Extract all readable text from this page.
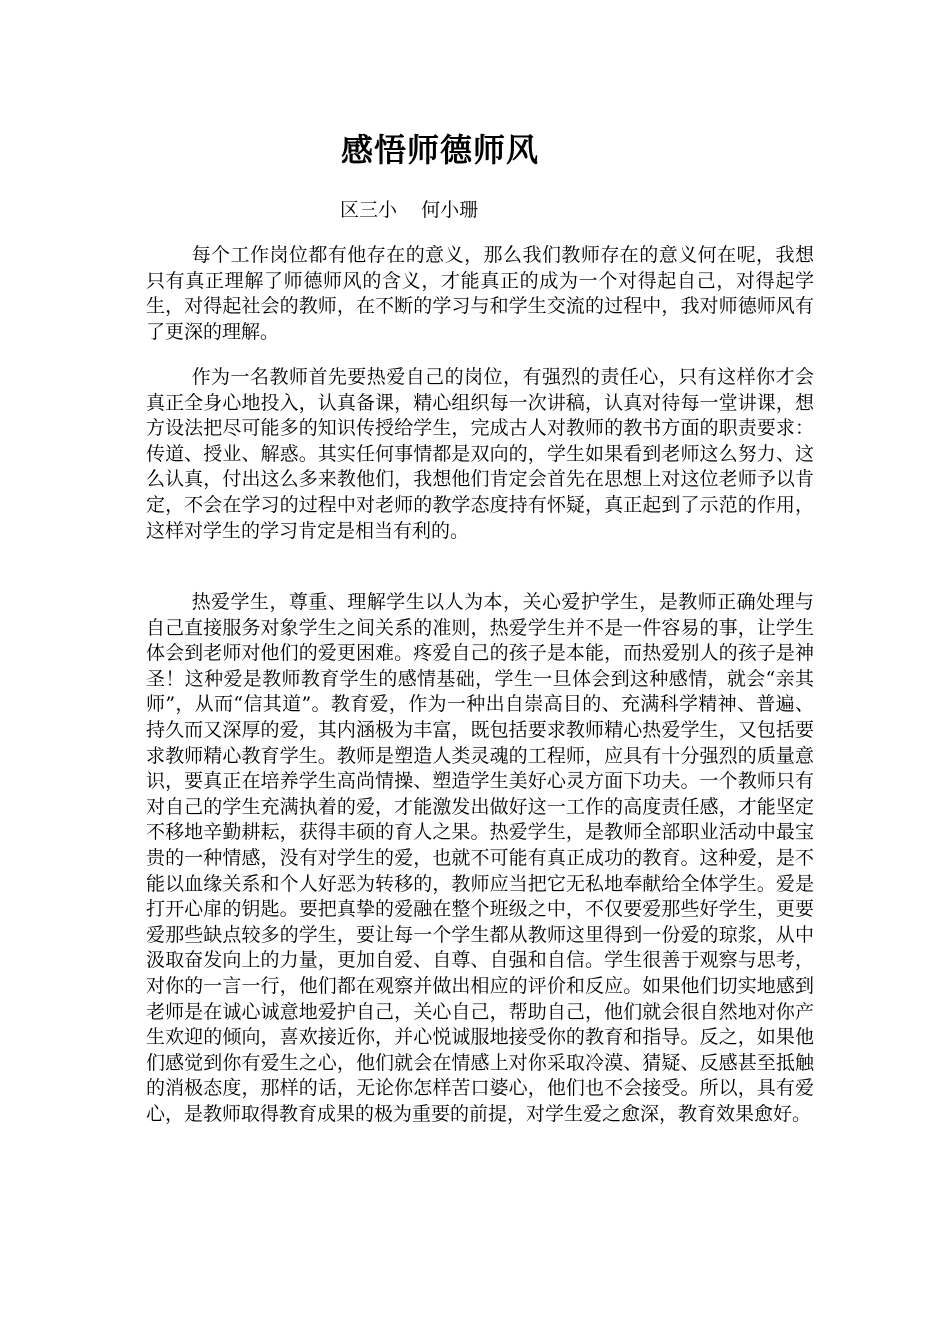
感悟师德师风
区三小    何小珊

每个工作岗位都有他存在的意义，那么我们教师存在的意义何在呢，我想只有真正理解了师德师风的含义，才能真正的成为一个对得起自己，对得起学生，对得起社会的教师，在不断的学习与和学生交流的过程中，我对师德师风有了更深的理解。

作为一名教师首先要热爱自己的岗位，有强烈的责任心，只有这样你才会真正全身心地投入，认真备课，精心组织每一次讲稿，认真对待每一堂讲课，想方设法把尽可能多的知识传授给学生，完成古人对教师的教书方面的职责要求：传道、授业、解惑。其实任何事情都是双向的，学生如果看到老师这么努力、这么认真，付出这么多来教他们，我想他们肯定会首先在思想上对这位老师予以肯定，不会在学习的过程中对老师的教学态度持有怀疑，真正起到了示范的作用，这样对学生的学习肯定是相当有利的。

热爱学生，尊重、理解学生以人为本，关心爱护学生，是教师正确处理与自己直接服务对象学生之间关系的准则，热爱学生并不是一件容易的事，让学生体会到老师对他们的爱更困难。疼爱自己的孩子是本能，而热爱别人的孩子是神圣！这种爱是教师教育学生的感情基础，学生一旦体会到这种感情，就会“亲其师”，从而“信其道”。教育爱，作为一种出自崇高目的、充满科学精神、普遍、持久而又深厚的爱，其内涵极为丰富，既包括要求教师精心热爱学生，又包括要求教师精心教育学生。教师是塑造人类灵魂的工程师，应具有十分强烈的质量意识，要真正在培养学生高尚情操、塑造学生美好心灵方面下功夫。一个教师只有对自己的学生充满执着的爱，才能激发出做好这一工作的高度责任感，才能坚定不移地辛勤耕耘，获得丰硕的育人之果。热爱学生，是教师全部职业活动中最宝贵的一种情感，没有对学生的爱，也就不可能有真正成功的教育。这种爱，是不能以血缘关系和个人好恶为转移的，教师应当把它无私地奉献给全体学生。爱是打开心扉的钥匙。要把真挚的爱融在整个班级之中，不仅要爱那些好学生，更要爱那些缺点较多的学生，要让每一个学生都从教师这里得到一份爱的琼浆，从中汲取奋发向上的力量，更加自爱、自尊、自强和自信。学生很善于观察与思考，对你的一言一行，他们都在观察并做出相应的评价和反应。如果他们切实地感到老师是在诚心诚意地爱护自己，关心自己，帮助自己，他们就会很自然地对你产生欢迎的倾向，喜欢接近你，并心悦诚服地接受你的教育和指导。反之，如果他们感觉到你有爱生之心，他们就会在情感上对你采取冷漠、猜疑、反感甚至抵触的消极态度，那样的话，无论你怎样苦口婆心，他们也不会接受。所以，具有爱心，是教师取得教育成果的极为重要的前提，对学生爱之愈深，教育效果愈好。
